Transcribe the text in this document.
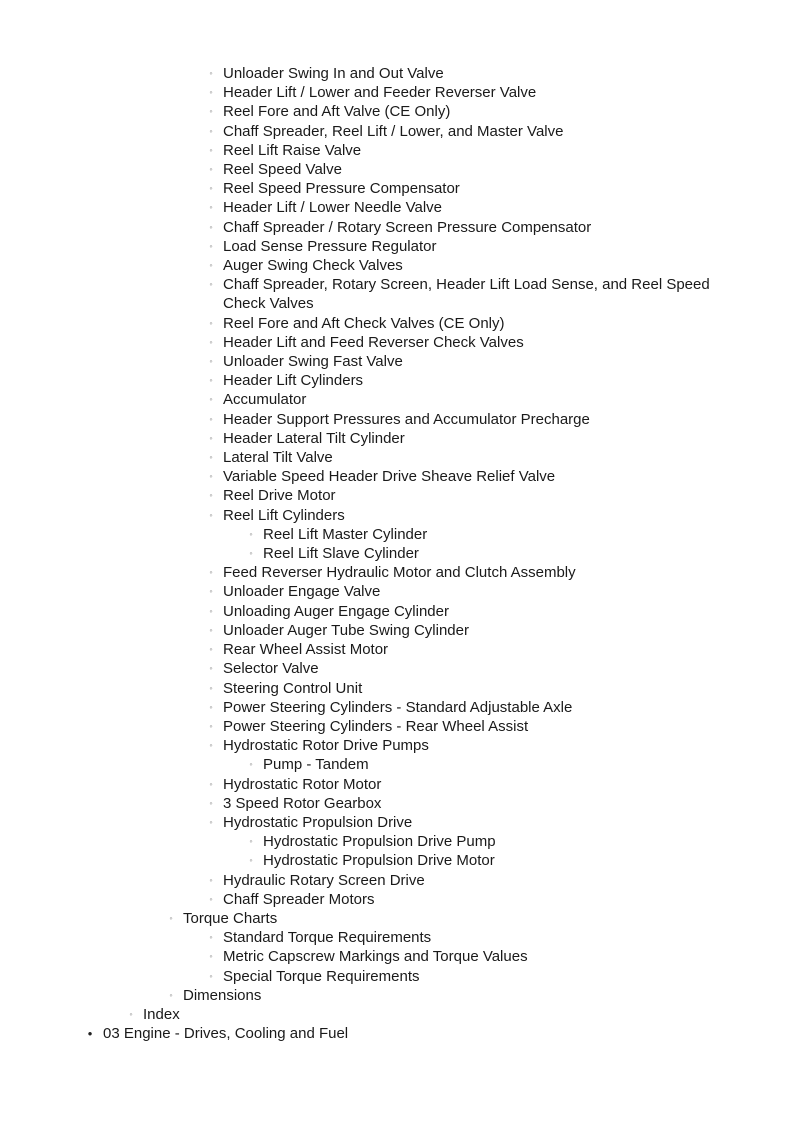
◦ Unloader Swing In and Out Valve
◦ Header Lift / Lower and Feeder Reverser Valve
◦ Reel Fore and Aft Valve (CE Only)
◦ Chaff Spreader, Reel Lift / Lower, and Master Valve
◦ Reel Lift Raise Valve
◦ Reel Speed Valve
◦ Reel Speed Pressure Compensator
◦ Header Lift / Lower Needle Valve
◦ Chaff Spreader / Rotary Screen Pressure Compensator
◦ Load Sense Pressure Regulator
◦ Auger Swing Check Valves
◦ Chaff Spreader, Rotary Screen, Header Lift Load Sense, and Reel Speed Check Valves
◦ Reel Fore and Aft Check Valves (CE Only)
◦ Header Lift and Feed Reverser Check Valves
◦ Unloader Swing Fast Valve
◦ Header Lift Cylinders
◦ Accumulator
◦ Header Support Pressures and Accumulator Precharge
◦ Header Lateral Tilt Cylinder
◦ Lateral Tilt Valve
◦ Variable Speed Header Drive Sheave Relief Valve
◦ Reel Drive Motor
◦ Reel Lift Cylinders
◦ Reel Lift Master Cylinder
◦ Reel Lift Slave Cylinder
◦ Feed Reverser Hydraulic Motor and Clutch Assembly
◦ Unloader Engage Valve
◦ Unloading Auger Engage Cylinder
◦ Unloader Auger Tube Swing Cylinder
◦ Rear Wheel Assist Motor
◦ Selector Valve
◦ Steering Control Unit
◦ Power Steering Cylinders - Standard Adjustable Axle
◦ Power Steering Cylinders - Rear Wheel Assist
◦ Hydrostatic Rotor Drive Pumps
◦ Pump - Tandem
◦ Hydrostatic Rotor Motor
◦ 3 Speed Rotor Gearbox
◦ Hydrostatic Propulsion Drive
◦ Hydrostatic Propulsion Drive Pump
◦ Hydrostatic Propulsion Drive Motor
◦ Hydraulic Rotary Screen Drive
◦ Chaff Spreader Motors
◦ Torque Charts
◦ Standard Torque Requirements
◦ Metric Capscrew Markings and Torque Values
◦ Special Torque Requirements
◦ Dimensions
◦ Index
• 03 Engine - Drives, Cooling and Fuel
